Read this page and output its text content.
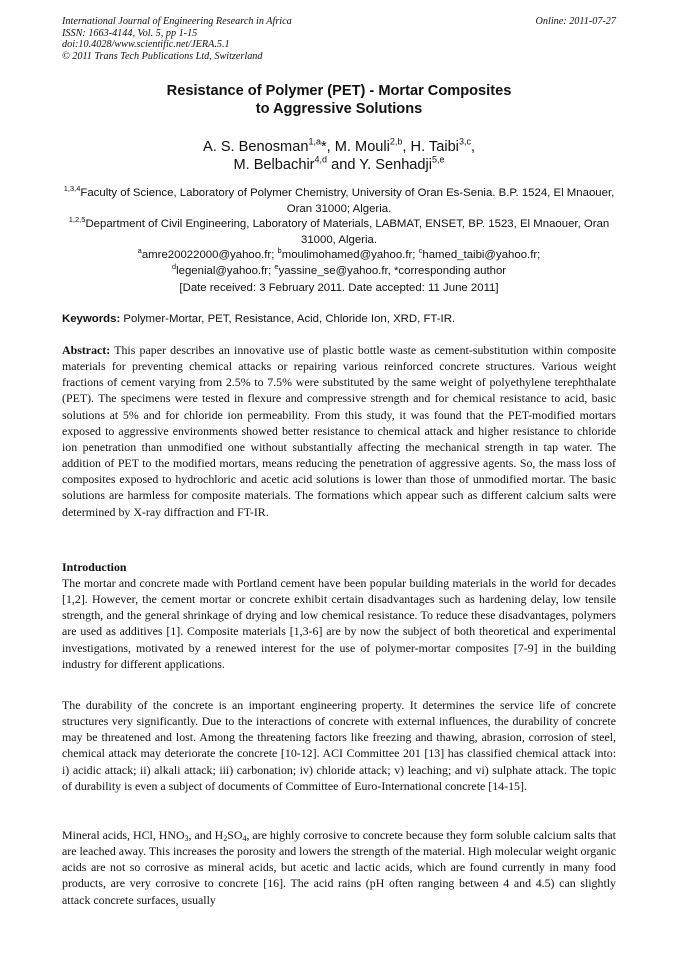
International Journal of Engineering Research in Africa
ISSN: 1663-4144, Vol. 5, pp 1-15
doi:10.4028/www.scientific.net/JERA.5.1
© 2011 Trans Tech Publications Ltd, Switzerland
Online: 2011-07-27
Resistance of Polymer (PET) - Mortar Composites
to Aggressive Solutions
A. S. Benosman$^{1,a}$*, M. Mouli$^{2,b}$, H. Taibi$^{3,c}$,
M. Belbachir$^{4,d}$ and Y. Senhadji$^{5,e}$
$^{1,3,4}$Faculty of Science, Laboratory of Polymer Chemistry, University of Oran Es-Senia. B.P. 1524, El Mnaouer, Oran 31000; Algeria.
$^{1,2,5}$Department of Civil Engineering, Laboratory of Materials, LABMAT, ENSET, BP. 1523, El Mnaouer, Oran 31000, Algeria.
$^a$amre20022000@yahoo.fr; $^b$moulimohamed@yahoo.fr; $^c$hamed_taibi@yahoo.fr;
$^d$legenial@yahoo.fr; $^e$yassine_se@yahoo.fr, *corresponding author
[Date received: 3 February 2011. Date accepted: 11 June 2011]
Keywords: Polymer-Mortar, PET, Resistance, Acid, Chloride Ion, XRD, FT-IR.
Abstract: This paper describes an innovative use of plastic bottle waste as cement-substitution within composite materials for preventing chemical attacks or repairing various reinforced concrete structures. Various weight fractions of cement varying from 2.5% to 7.5% were substituted by the same weight of polyethylene terephthalate (PET). The specimens were tested in flexure and compressive strength and for chemical resistance to acid, basic solutions at 5% and for chloride ion permeability. From this study, it was found that the PET-modified mortars exposed to aggressive environments showed better resistance to chemical attack and higher resistance to chloride ion penetration than unmodified one without substantially affecting the mechanical strength in tap water. The addition of PET to the modified mortars, means reducing the penetration of aggressive agents. So, the mass loss of composites exposed to hydrochloric and acetic acid solutions is lower than those of unmodified mortar. The basic solutions are harmless for composite materials. The formations which appear such as different calcium salts were determined by X-ray diffraction and FT-IR.
Introduction
The mortar and concrete made with Portland cement have been popular building materials in the world for decades [1,2]. However, the cement mortar or concrete exhibit certain disadvantages such as hardening delay, low tensile strength, and the general shrinkage of drying and low chemical resistance. To reduce these disadvantages, polymers are used as additives [1]. Composite materials [1,3-6] are by now the subject of both theoretical and experimental investigations, motivated by a renewed interest for the use of polymer-mortar composites [7-9] in the building industry for different applications.
The durability of the concrete is an important engineering property. It determines the service life of concrete structures very significantly. Due to the interactions of concrete with external influences, the durability of concrete may be threatened and lost. Among the threatening factors like freezing and thawing, abrasion, corrosion of steel, chemical attack may deteriorate the concrete [10-12]. ACI Committee 201 [13] has classified chemical attack into: i) acidic attack; ii) alkali attack; iii) carbonation; iv) chloride attack; v) leaching; and vi) sulphate attack. The topic of durability is even a subject of documents of Committee of Euro-International concrete [14-15].
Mineral acids, HCl, $HNO_3$, and $H_2SO_4$, are highly corrosive to concrete because they form soluble calcium salts that are leached away. This increases the porosity and lowers the strength of the material. High molecular weight organic acids are not so corrosive as mineral acids, but acetic and lactic acids, which are found currently in many food products, are very corrosive to concrete [16]. The acid rains (pH often ranging between 4 and 4.5) can slightly attack concrete surfaces, usually
